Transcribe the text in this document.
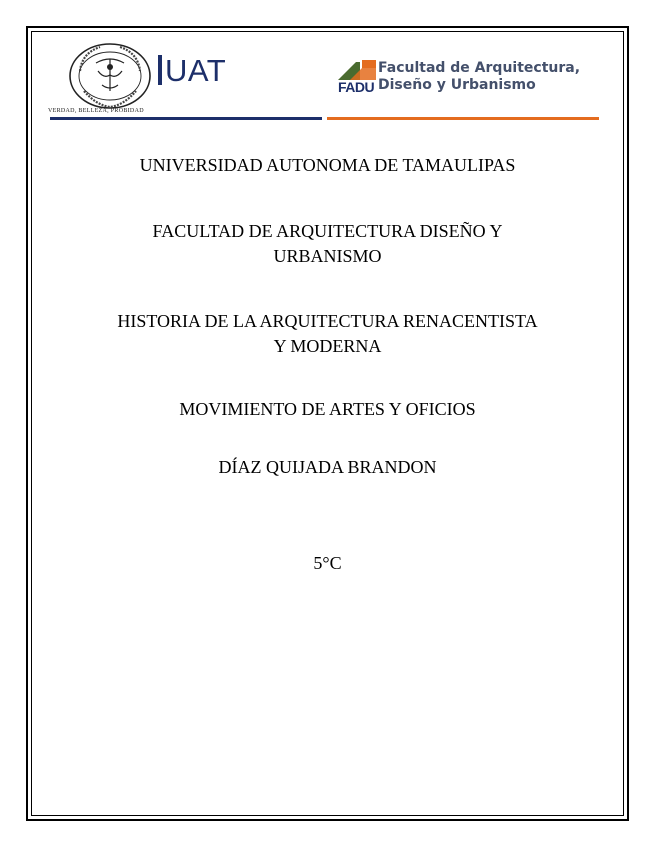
VERDAD, BELLEZA, PROBIDAD
UAT	FADU
Facultad de Arquitectura,
Diseño y Urbanismo
UNIVERSIDAD AUTONOMA DE TAMAULIPAS
FACULTAD DE ARQUITECTURA DISEÑO Y
URBANISMO
HISTORIA DE LA ARQUITECTURA RENACENTISTA
Y MODERNA
MOVIMIENTO DE ARTES Y OFICIOS
DÍAZ QUIJADA BRANDON
5°C
